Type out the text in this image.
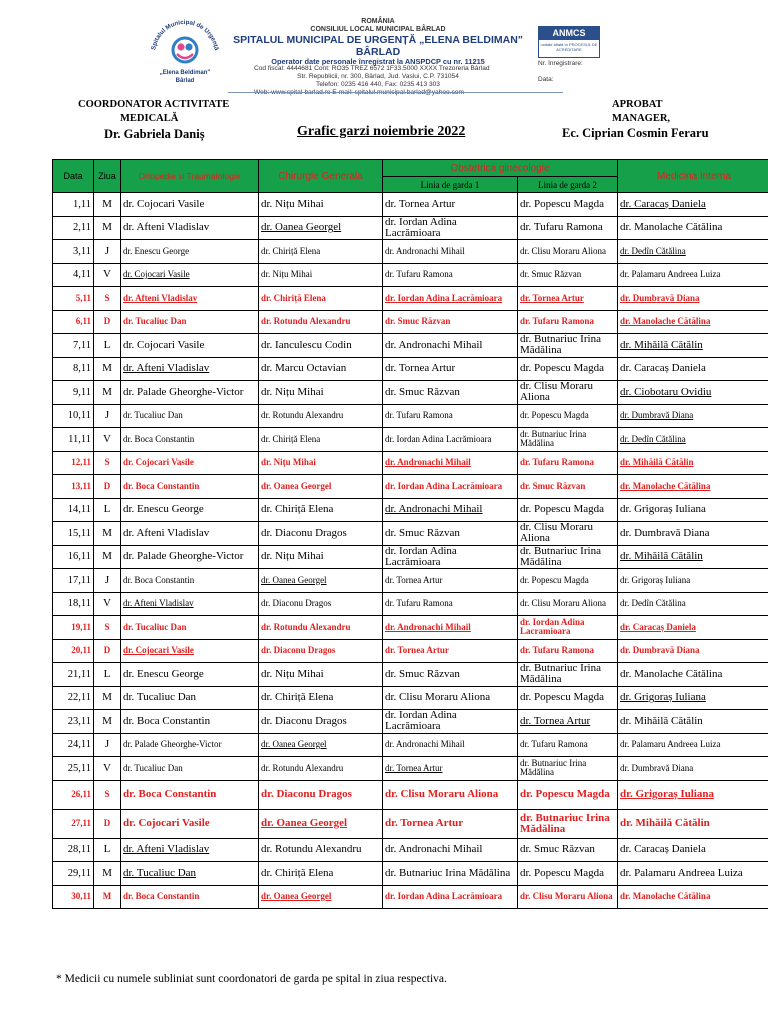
Spitalul Municipal de Urgență
„Elena Beldiman"
Bârlad
ROMÂNIA
CONSILIUL LOCAL MUNICIPAL BÂRLAD
SPITALUL MUNICIPAL DE URGENȚĂ „ELENA BELDIMAN" BÂRLAD
Operator date personale înregistrat la ANSPDCP cu nr. 11215
Cod fiscal: 4444681 Cont: RO35 TREZ 6572 1F33.5000 XXXX Trezoreria Bârlad
Str. Republicii, nr. 300, Bârlad, Jud. Vaslui, C.P. 731054
Telefon: 0235 416 440, Fax: 0235 413 303
Web: www.spital-barlad.ro E-mail: spitalul.municipal.barlad@yahoo.com
ANMCS
unitate aflată în PROCESUL DE ACREDITARE
Nr. înregistrare:
Data:
COORDONATOR ACTIVITATE
MEDICALĂ
Dr. Gabriela Daniș
APROBAT
MANAGER,
Grafic garzi noiembrie 2022	Ec. Ciprian Cosmin Feraru
Data	Ziua	Ortopedie si Traumatologie	Chirurgie Generala	Obstetrica ginecologie		Medicina Interna
				Linia de garda 1	Linia de garda 2	
1,11	M	dr. Cojocari Vasile	dr. Nițu Mihai	dr. Tornea Artur	dr. Popescu Magda	dr. Caracaș Daniela
2,11	M	dr. Afteni Vladislav	dr. Oanea Georgel	dr. Iordan Adina Lacrămioara	dr. Tufaru Ramona	dr. Manolache Cătălina
3,11	J	dr. Enescu George	dr. Chiriță Elena	dr. Andronachi Mihail	dr. Clisu Moraru Aliona	dr. Dedîn Cătălina
4,11	V	dr. Cojocari Vasile	dr. Nițu Mihai	dr. Tufaru Ramona	dr. Smuc Răzvan	dr. Palamaru Andreea Luiza
5,11	S	dr. Afteni Vladislav	dr. Chiriță Elena	dr. Iordan Adina Lacrămioara	dr. Tornea Artur	dr. Dumbravă Diana
6,11	D	dr. Tucaliuc Dan	dr. Rotundu Alexandru	dr. Smuc Răzvan	dr. Tufaru Ramona	dr. Manolache Cătălina
7,11	L	dr. Cojocari Vasile	dr. Ianculescu Codin	dr. Andronachi Mihail	dr. Butnariuc Irina Mădălina	dr. Mihăilă Cătălin
8,11	M	dr. Afteni Vladislav	dr. Marcu Octavian	dr. Tornea Artur	dr. Popescu Magda	dr. Caracaș Daniela
9,11	M	dr. Palade Gheorghe-Victor	dr. Nițu Mihai	dr. Smuc Răzvan	dr. Clisu Moraru Aliona	dr. Ciobotaru Ovidiu
10,11	J	dr. Tucaliuc Dan	dr. Rotundu Alexandru	dr. Tufaru Ramona	dr. Popescu Magda	dr. Dumbravă Diana
11,11	V	dr. Boca Constantin	dr. Chiriță Elena	dr. Iordan Adina Lacrămioara	dr. Butnariuc Irina Mădălina	dr. Dedîn Cătălina
12,11	S	dr. Cojocari Vasile	dr. Nițu Mihai	dr. Andronachi Mihail	dr. Tufaru Ramona	dr. Mihăilă Cătălin
13,11	D	dr. Boca Constantin	dr. Oanea Georgel	dr. Iordan Adina Lacrămioara	dr. Smuc Răzvan	dr. Manolache Cătălina
14,11	L	dr. Enescu George	dr. Chiriță Elena	dr. Andronachi Mihail	dr. Popescu Magda	dr. Grigoraș Iuliana
15,11	M	dr. Afteni Vladislav	dr. Diaconu Dragos	dr. Smuc Răzvan	dr. Clisu Moraru Aliona	dr. Dumbravă Diana
16,11	M	dr. Palade Gheorghe-Victor	dr. Nițu Mihai	dr. Iordan Adina Lacrămioara	dr. Butnariuc Irina Mădălina	dr. Mihăilă Cătălin
17,11	J	dr. Boca Constantin	dr. Oanea Georgel	dr. Tornea Artur	dr. Popescu Magda	dr. Grigoraș Iuliana
18,11	V	dr. Afteni Vladislav	dr. Diaconu Dragos	dr. Tufaru Ramona	dr. Clisu Moraru Aliona	dr. Dedîn Cătălina
19,11	S	dr. Tucaliuc Dan	dr. Rotundu Alexandru	dr. Andronachi Mihail	dr. Iordan Adina Lacramioara	dr. Caracaș Daniela
20,11	D	dr. Cojocari Vasile	dr. Diaconu Dragos	dr. Tornea Artur	dr. Tufaru Ramona	dr. Dumbravă Diana
21,11	L	dr. Enescu George	dr. Nițu Mihai	dr. Smuc Răzvan	dr. Butnariuc Irina Mădălina	dr. Manolache Cătălina
22,11	M	dr. Tucaliuc Dan	dr. Chiriță Elena	dr. Clisu Moraru Aliona	dr. Popescu Magda	dr. Grigoraș Iuliana
23,11	M	dr. Boca Constantin	dr. Diaconu Dragos	dr. Iordan Adina Lacrămioara	dr. Tornea Artur	dr. Mihăilă Cătălin
24,11	J	dr. Palade Gheorghe-Victor	dr. Oanea Georgel	dr. Andronachi Mihail	dr. Tufaru Ramona	dr. Palamaru Andreea Luiza
25,11	V	dr. Tucaliuc Dan	dr. Rotundu Alexandru	dr. Tornea Artur	dr. Butnariuc Irina Mădălina	dr. Dumbravă Diana
26,11	S	dr. Boca Constantin	dr. Diaconu Dragos	dr. Clisu Moraru Aliona	dr. Popescu Magda	dr. Grigoraș Iuliana
27,11	D	dr. Cojocari Vasile	dr. Oanea Georgel	dr. Tornea Artur	dr. Butnariuc Irina Mădălina	dr. Mihăilă Cătălin
28,11	L	dr. Afteni Vladislav	dr. Rotundu Alexandru	dr. Andronachi Mihail	dr. Smuc Răzvan	dr. Caracaș Daniela
29,11	M	dr. Tucaliuc Dan	dr. Chiriță Elena	dr. Butnariuc Irina Mădălina	dr. Popescu Magda	dr. Palamaru Andreea Luiza
30,11	M	dr. Boca Constantin	dr. Oanea Georgel	dr. Iordan Adina Lacrămioara	dr. Clisu Moraru Aliona	dr. Manolache Cătălina
* Medicii cu numele subliniat sunt coordonatori de garda pe spital in ziua respectiva.
